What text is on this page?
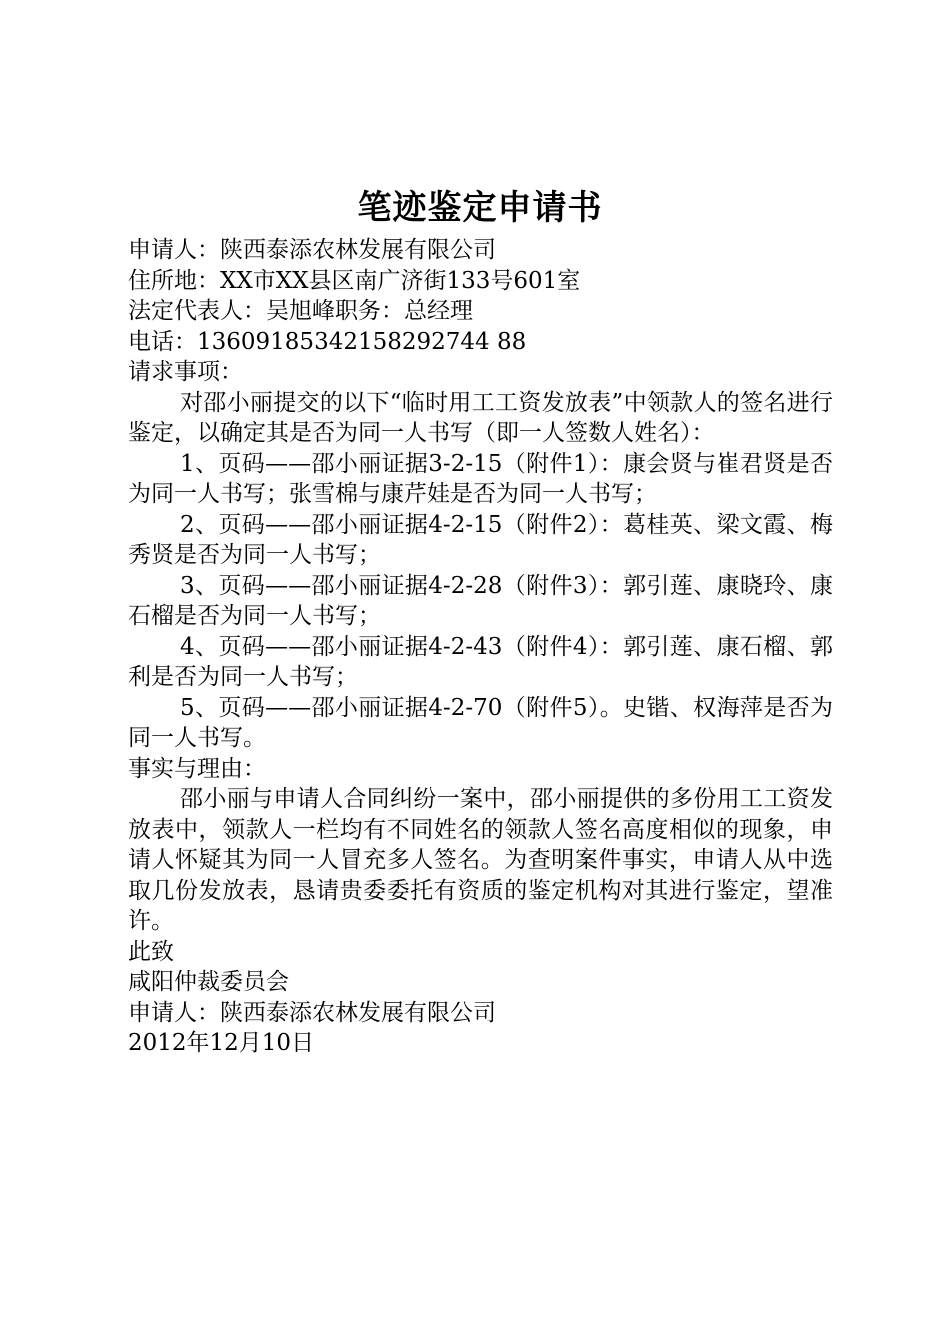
笔迹鉴定申请书

申请人：陕西泰添农林发展有限公司

住所地：XX市XX县区南广济街133号601室

法定代表人：吴旭峰职务：总经理

电话：13609185342158292744 88

请求事项：

对邵小丽提交的以下“临时用工工资发放表”中领款人的签名进行鉴定，以确定其是否为同一人书写（即一人签数人姓名）：

1、页码——邵小丽证据3-2-15（附件1）：康会贤与崔君贤是否为同一人书写；张雪棉与康芹娃是否为同一人书写；

2、页码——邵小丽证据4-2-15（附件2）：葛桂英、梁文霞、梅秀贤是否为同一人书写；

3、页码——邵小丽证据4-2-28（附件3）：郭引莲、康晓玲、康石榴是否为同一人书写；

4、页码——邵小丽证据4-2-43（附件4）：郭引莲、康石榴、郭利是否为同一人书写；

5、页码——邵小丽证据4-2-70（附件5）。史锴、权海萍是否为同一人书写。

事实与理由：

邵小丽与申请人合同纠纷一案中，邵小丽提供的多份用工工资发放表中，领款人一栏均有不同姓名的领款人签名高度相似的现象，申请人怀疑其为同一人冒充多人签名。为查明案件事实，申请人从中选取几份发放表，恳请贵委委托有资质的鉴定机构对其进行鉴定，望准许。

此致

咸阳仲裁委员会

申请人：陕西泰添农林发展有限公司

2012年12月10日
